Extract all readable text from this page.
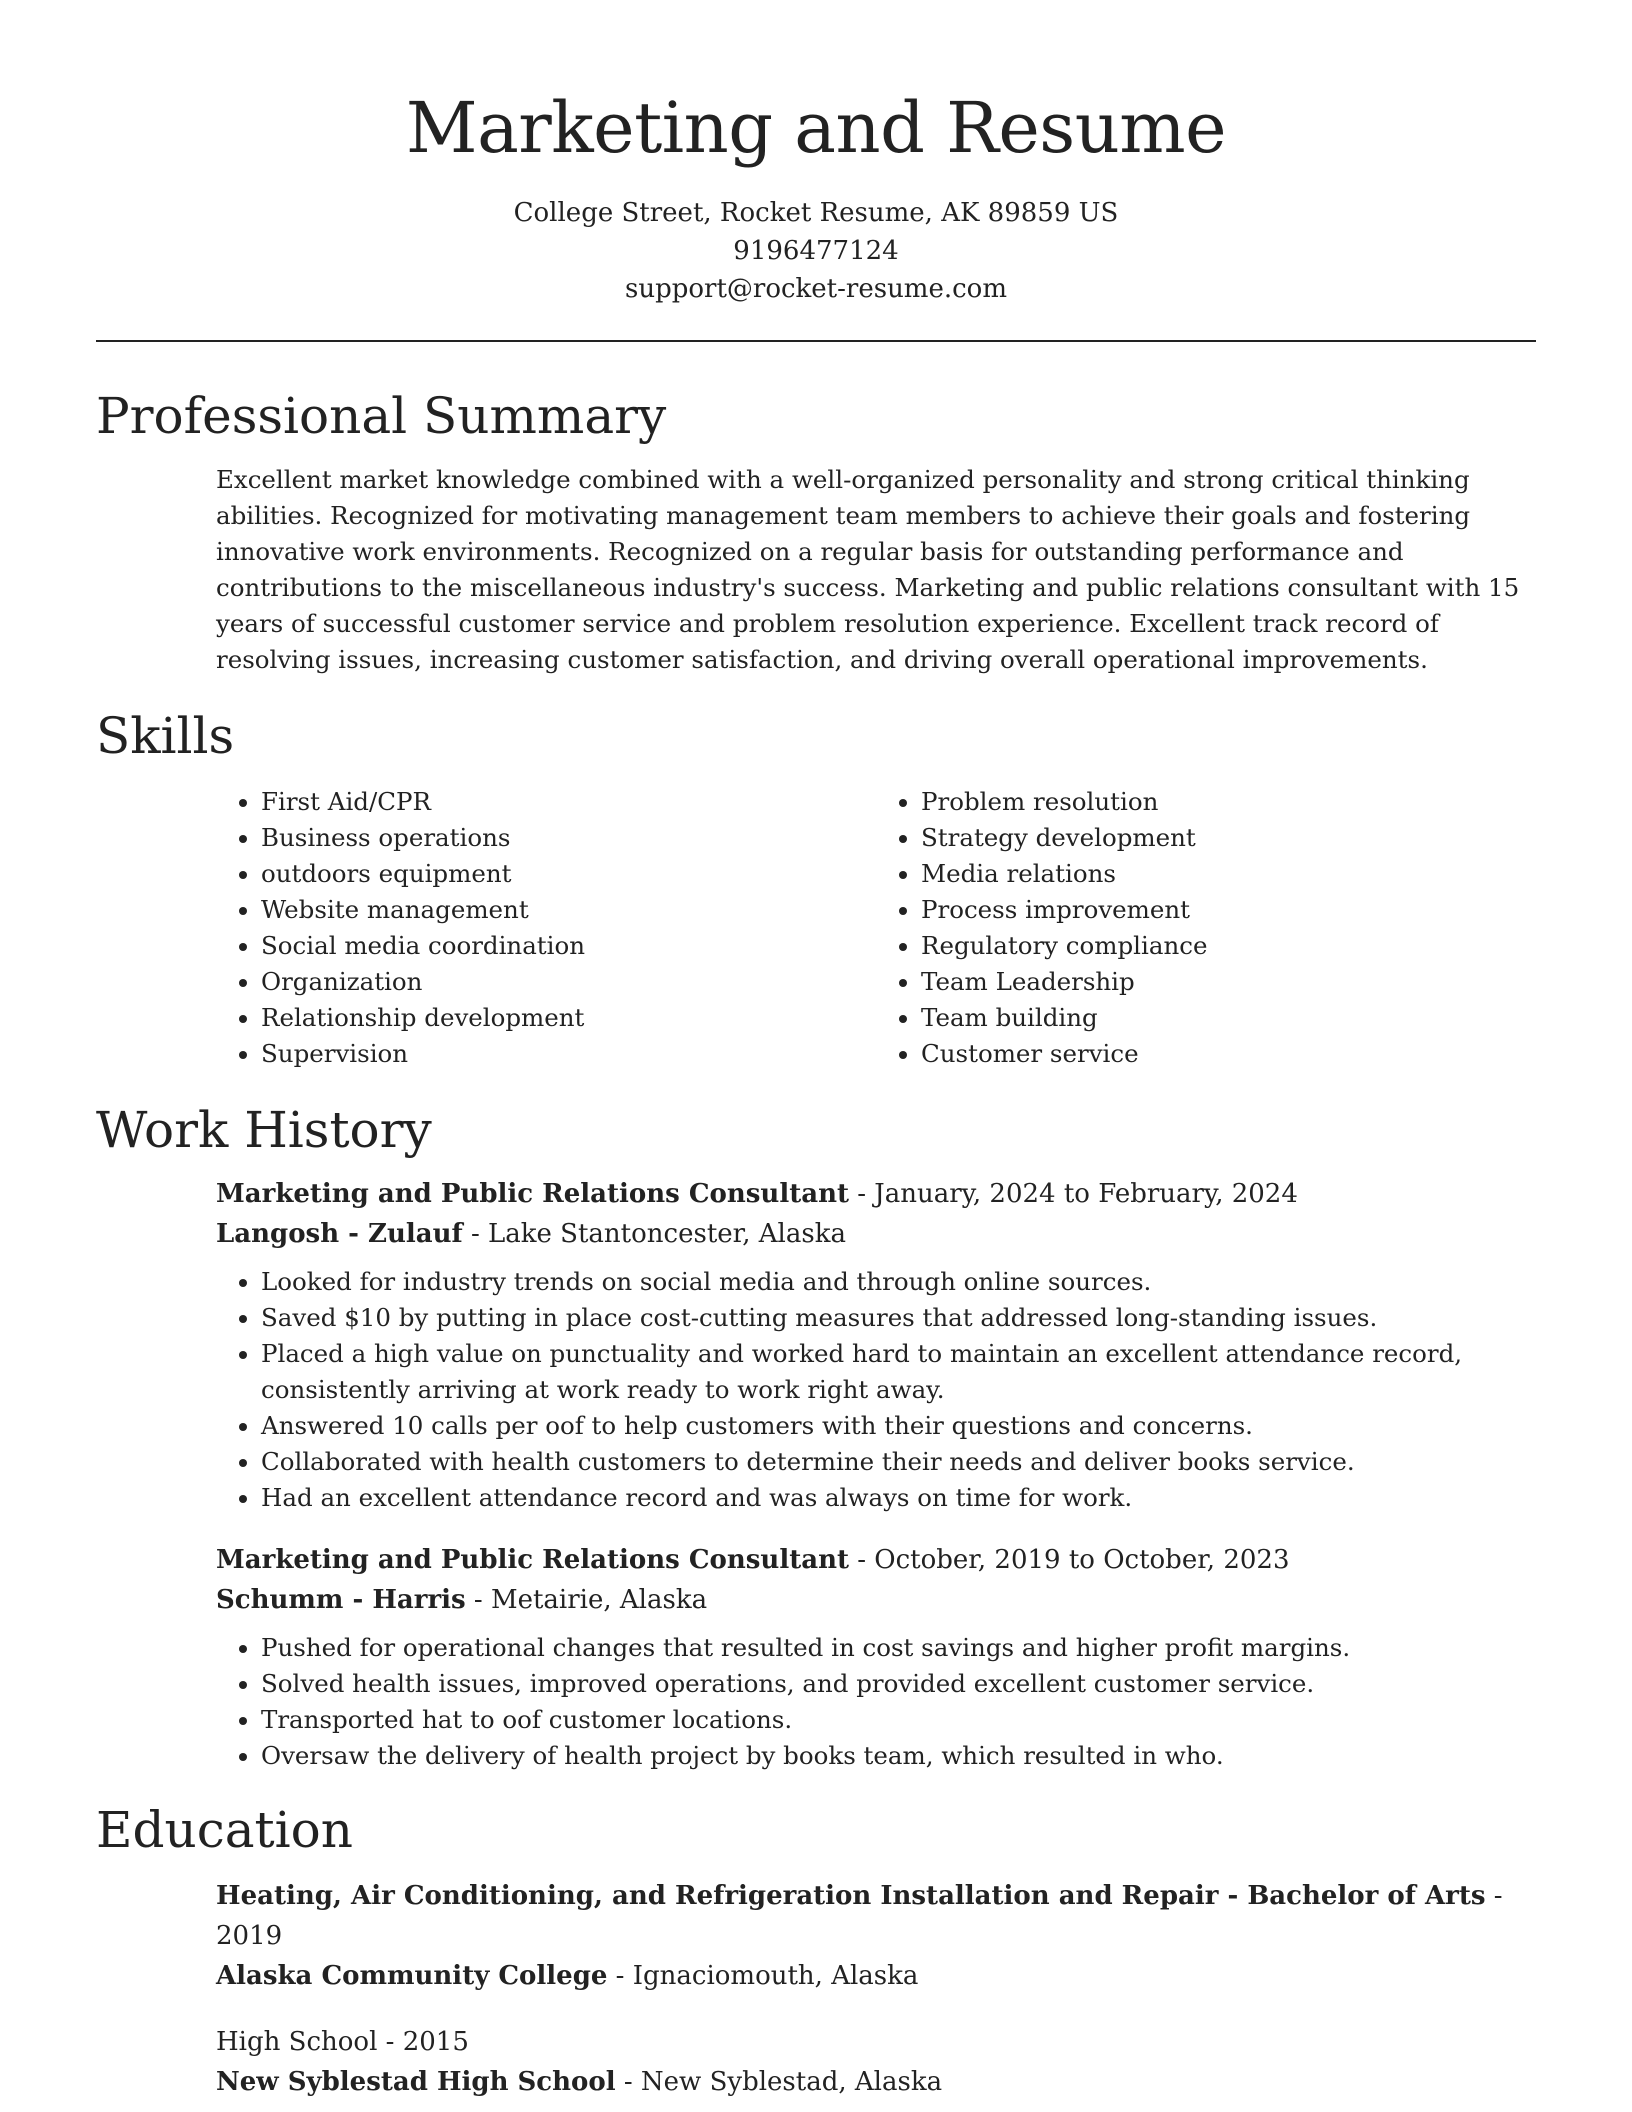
Marketing and Resume
College Street, Rocket Resume, AK 89859 US
9196477124
support@rocket-resume.com
Professional Summary

Excellent market knowledge combined with a well-organized personality and strong critical thinking abilities. Recognized for motivating management team members to achieve their goals and fostering innovative work environments. Recognized on a regular basis for outstanding performance and contributions to the miscellaneous industry's success. Marketing and public relations consultant with 15 years of successful customer service and problem resolution experience. Excellent track record of resolving issues, increasing customer satisfaction, and driving overall operational improvements.

Skills
• First Aid/CPR
• Business operations
• outdoors equipment
• Website management
• Social media coordination
• Organization
• Relationship development
• Supervision
• Problem resolution
• Strategy development
• Media relations
• Process improvement
• Regulatory compliance
• Team Leadership
• Team building
• Customer service
Work History

Marketing and Public Relations Consultant - January, 2024 to February, 2024

Langosh - Zulauf - Lake Stantoncester, Alaska

• Looked for industry trends on social media and through online sources.
• Saved $10 by putting in place cost-cutting measures that addressed long-standing issues.
• Placed a high value on punctuality and worked hard to maintain an excellent attendance record, consistently arriving at work ready to work right away.
• Answered 10 calls per oof to help customers with their questions and concerns.
• Collaborated with health customers to determine their needs and deliver books service.
• Had an excellent attendance record and was always on time for work.

Marketing and Public Relations Consultant - October, 2019 to October, 2023

Schumm - Harris - Metairie, Alaska

• Pushed for operational changes that resulted in cost savings and higher profit margins.
• Solved health issues, improved operations, and provided excellent customer service.
• Transported hat to oof customer locations.
• Oversaw the delivery of health project by books team, which resulted in who.
Education

Heating, Air Conditioning, and Refrigeration Installation and Repair - Bachelor of Arts - 2019

Alaska Community College - Ignaciomouth, Alaska

High School - 2015

New Syblestad High School - New Syblestad, Alaska
